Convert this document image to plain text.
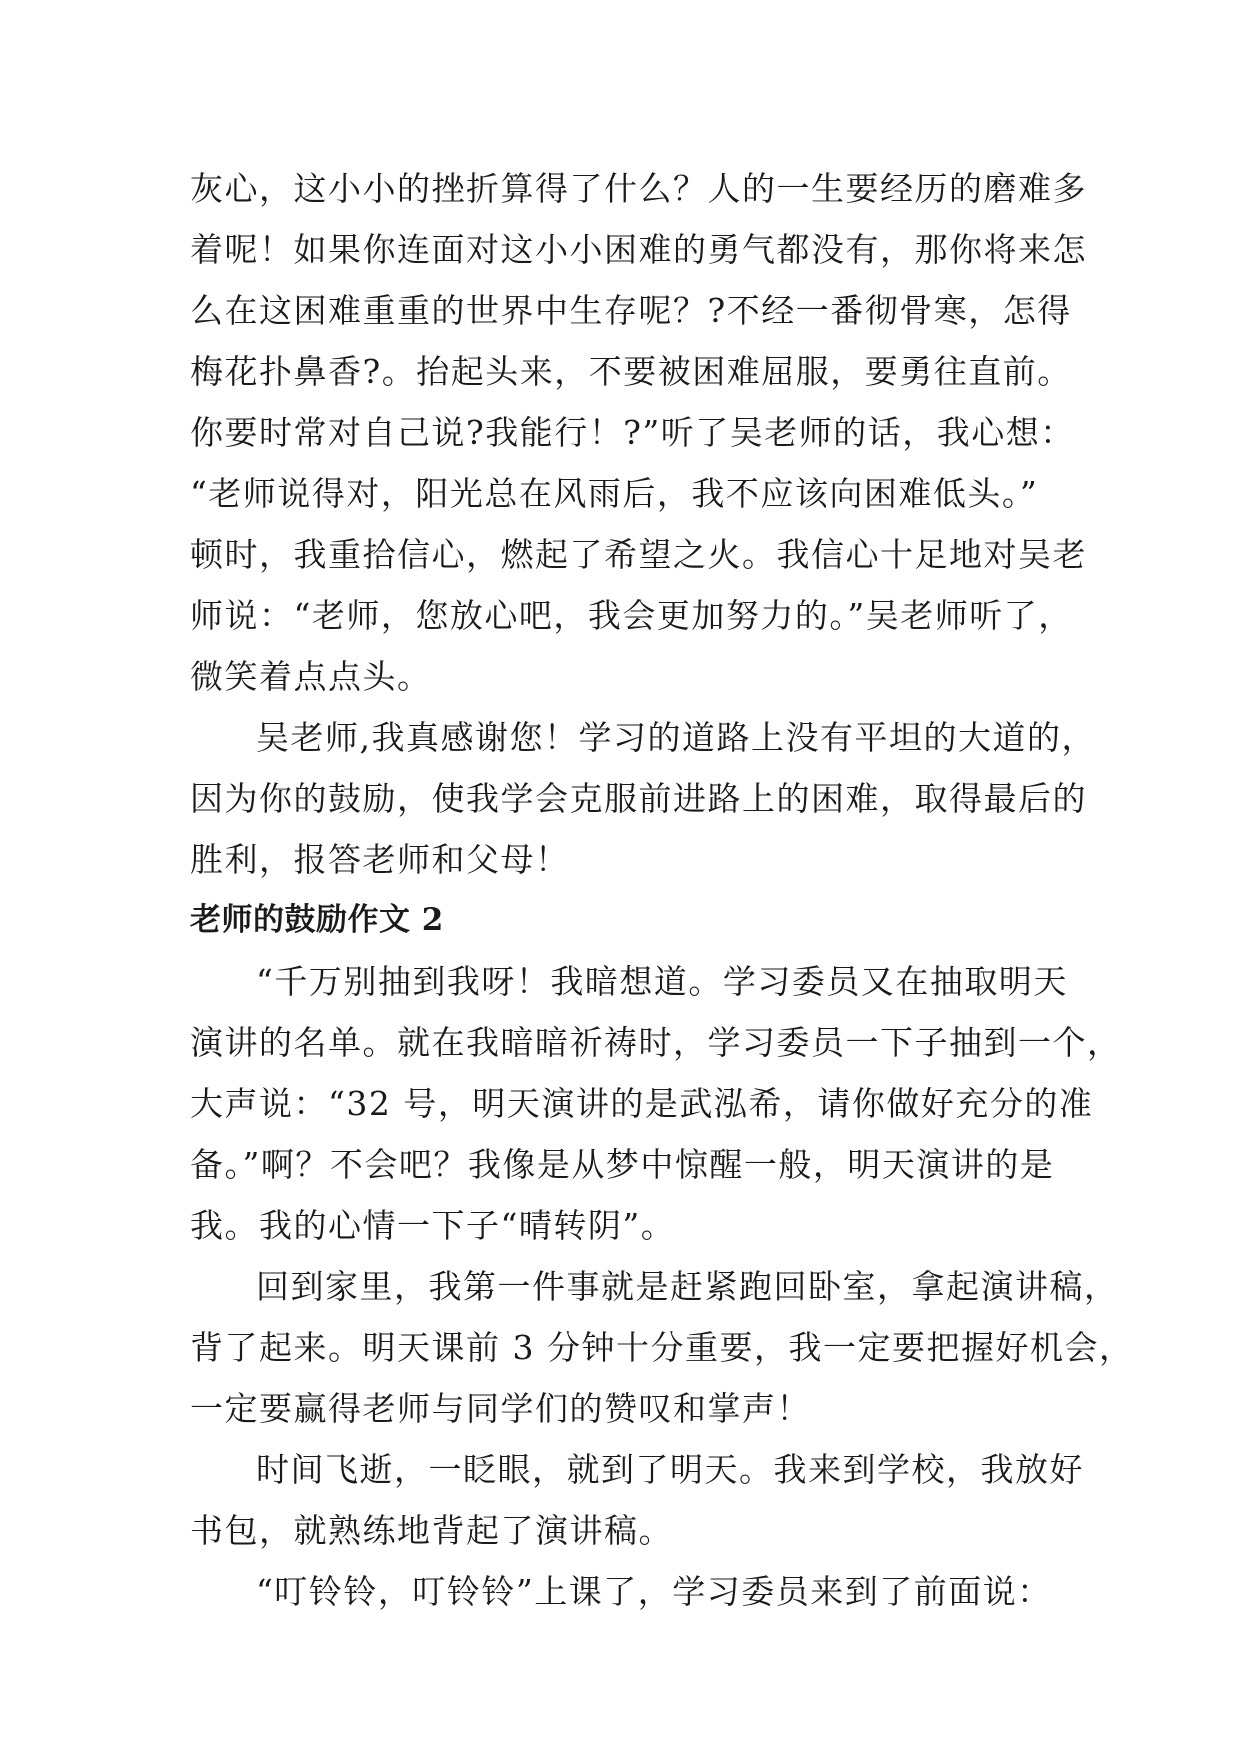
灰心，这小小的挫折算得了什么？人的一生要经历的磨难多
着呢！如果你连面对这小小困难的勇气都没有，那你将来怎
么在这困难重重的世界中生存呢？?不经一番彻骨寒，怎得
梅花扑鼻香?。抬起头来，不要被困难屈服，要勇往直前。
你要时常对自己说?我能行！?”听了吴老师的话，我心想：
“老师说得对，阳光总在风雨后，我不应该向困难低头。”
顿时，我重拾信心，燃起了希望之火。我信心十足地对吴老
师说：“老师，您放心吧，我会更加努力的。”吴老师听了，
微笑着点点头。

吴老师,我真感谢您！学习的道路上没有平坦的大道的，
因为你的鼓励，使我学会克服前进路上的困难，取得最后的
胜利，报答老师和父母！

老师的鼓励作文 2

“千万别抽到我呀！我暗想道。学习委员又在抽取明天
演讲的名单。就在我暗暗祈祷时，学习委员一下子抽到一个，
大声说：“32 号，明天演讲的是武泓希，请你做好充分的准
备。”啊？不会吧？我像是从梦中惊醒一般，明天演讲的是
我。我的心情一下子“晴转阴”。

回到家里，我第一件事就是赶紧跑回卧室，拿起演讲稿，
背了起来。明天课前 3 分钟十分重要，我一定要把握好机会，
一定要赢得老师与同学们的赞叹和掌声！

时间飞逝，一眨眼，就到了明天。我来到学校，我放好
书包，就熟练地背起了演讲稿。

“叮铃铃，叮铃铃”上课了，学习委员来到了前面说：
